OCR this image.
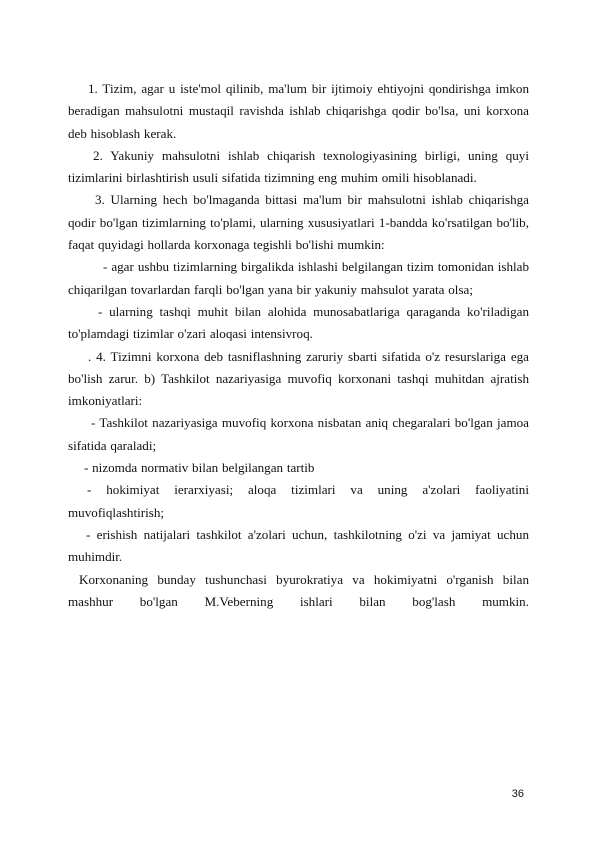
1. Tizim, agar u iste'mol qilinib, ma'lum bir ijtimoiy ehtiyojni qondirishga imkon beradigan mahsulotni mustaqil ravishda ishlab chiqarishga qodir bo'lsa, uni korxona deb hisoblash kerak.

2. Yakuniy mahsulotni ishlab chiqarish texnologiyasining birligi, uning quyi tizimlarini birlashtirish usuli sifatida tizimning eng muhim omili hisoblanadi.

3. Ularning hech bo'lmaganda bittasi ma'lum bir mahsulotni ishlab chiqarishga qodir bo'lgan tizimlarning to'plami, ularning xususiyatlari 1-bandda ko'rsatilgan bo'lib, faqat quyidagi hollarda korxonaga tegishli bo'lishi mumkin:

- agar ushbu tizimlarning birgalikda ishlashi belgilangan tizim tomonidan ishlab chiqarilgan tovarlardan farqli bo'lgan yana bir yakuniy mahsulot yarata olsa;

- ularning tashqi muhit bilan alohida munosabatlariga qaraganda ko'riladigan to'plamdagi tizimlar o'zari aloqasi intensivroq.

. 4. Tizimni korxona deb tasniflashning zaruriy sbarti sifatida o'z resurslariga ega bo'lish zarur. b) Tashkilot nazariyasiga muvofiq korxonani tashqi muhitdan ajratish imkoniyatlari:

- Tashkilot nazariyasiga muvofiq korxona nisbatan aniq chegaralari bo'lgan jamoa sifatida qaraladi;

- nizomda normativ bilan belgilangan tartib

- hokimiyat ierarxiyasi; aloqa tizimlari va uning a'zolari faoliyatini muvofiqlashtirish;

- erishish natijalari tashkilot a'zolari uchun, tashkilotning o'zi va jamiyat uchun muhimdir.

Korxonaning bunday tushunchasi byurokratiya va hokimiyatni o'rganish bilan mashhur bo'lgan M.Veberning ishlari bilan bog'lash mumkin.

36
